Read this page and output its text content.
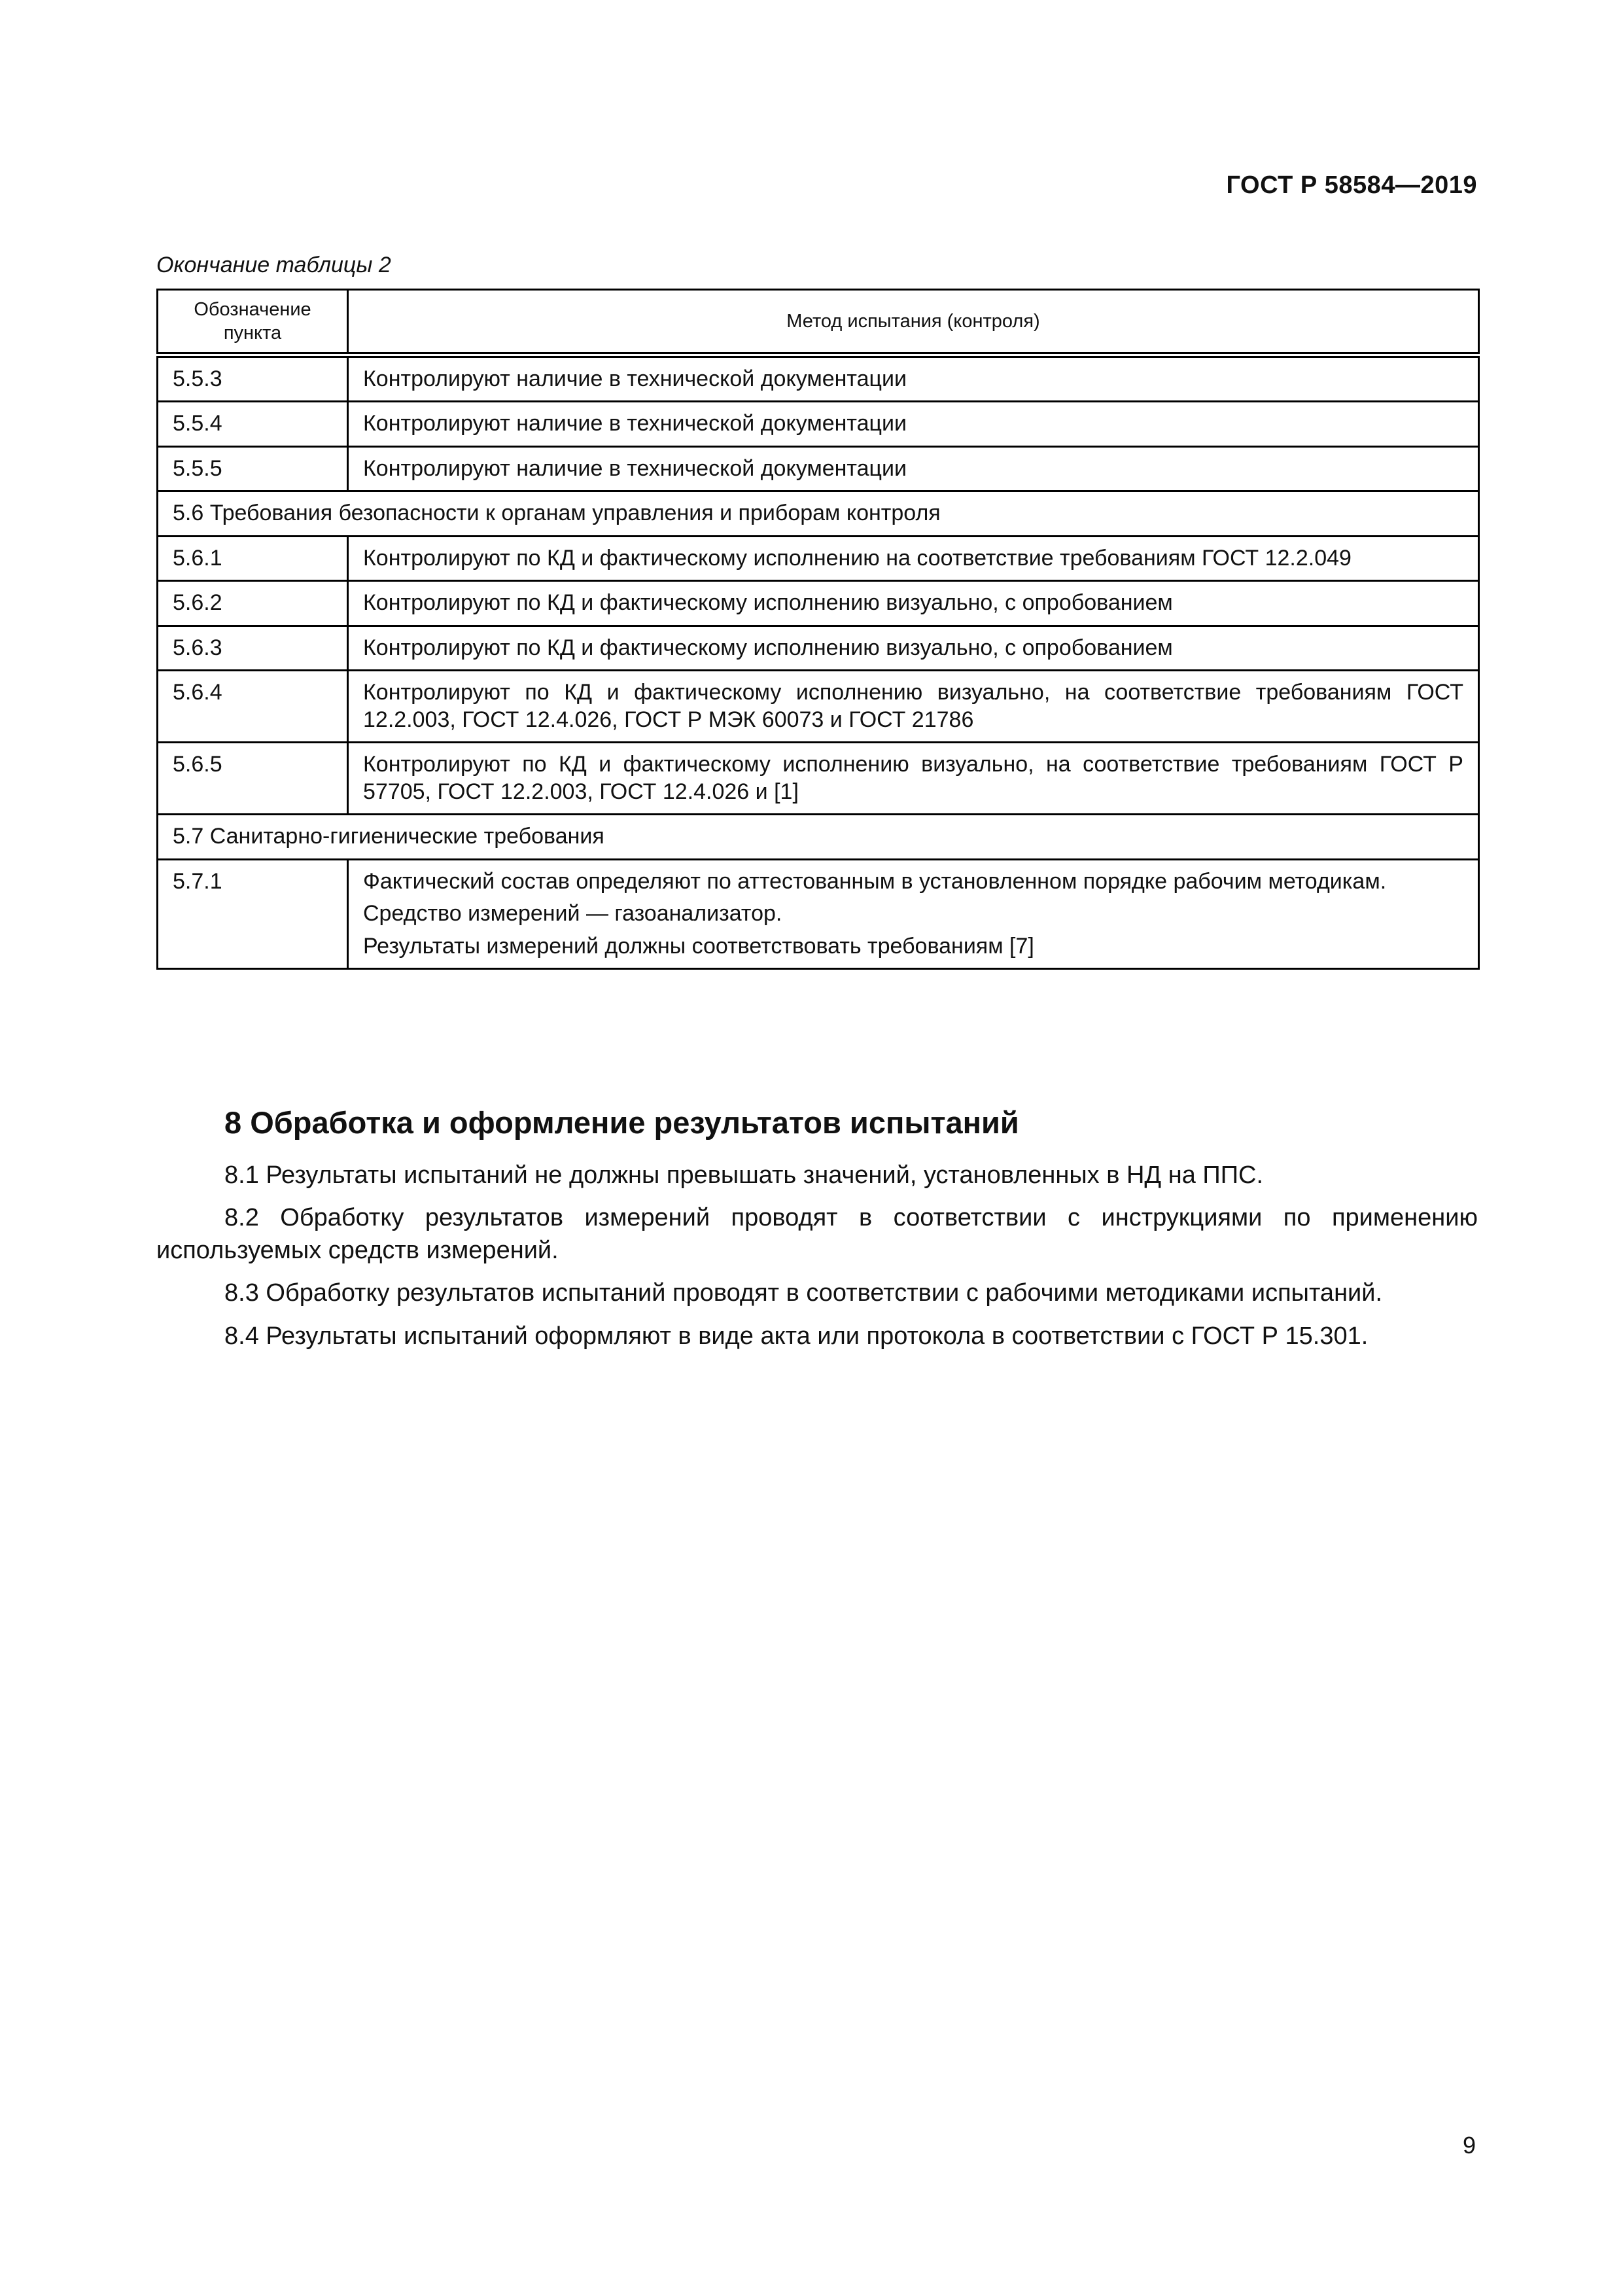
ГОСТ Р 58584—2019
Окончание таблицы 2
Обозначение пункта	Метод испытания (контроля)
5.5.3	Контролируют наличие в технической документации

5.5.4	Контролируют наличие в технической документации

5.5.5	Контролируют наличие в технической документации

5.6 Требования безопасности к органам управления и приборам контроля	
5.6.1	Контролируют по КД и фактическому исполнению на соответствие требованиям ГОСТ 12.2.049

5.6.2	Контролируют по КД и фактическому исполнению визуально, с опробованием

5.6.3	Контролируют по КД и фактическому исполнению визуально, с опробованием

5.6.4	Контролируют по КД и фактическому исполнению визуально, на соответствие требованиям ГОСТ 12.2.003, ГОСТ 12.4.026, ГОСТ Р МЭК 60073 и ГОСТ 21786

5.6.5	Контролируют по КД и фактическому исполнению визуально, на соответствие требованиям ГОСТ Р 57705, ГОСТ 12.2.003, ГОСТ 12.4.026 и [1]

5.7 Санитарно-гигиенические требования	
5.7.1	Фактический состав определяют по аттестованным в установленном порядке рабочим методикам.

Средство измерений — газоанализатор.

Результаты измерений должны соответствовать требованиям [7]

8 Обработка и оформление результатов испытаний

8.1 Результаты испытаний не должны превышать значений, установленных в НД на ППС.

8.2 Обработку результатов измерений проводят в соответствии с инструкциями по применению используемых средств измерений.

8.3 Обработку результатов испытаний проводят в соответствии с рабочими методиками испытаний.

8.4 Результаты испытаний оформляют в виде акта или протокола в соответствии с ГОСТ Р 15.301.

9
